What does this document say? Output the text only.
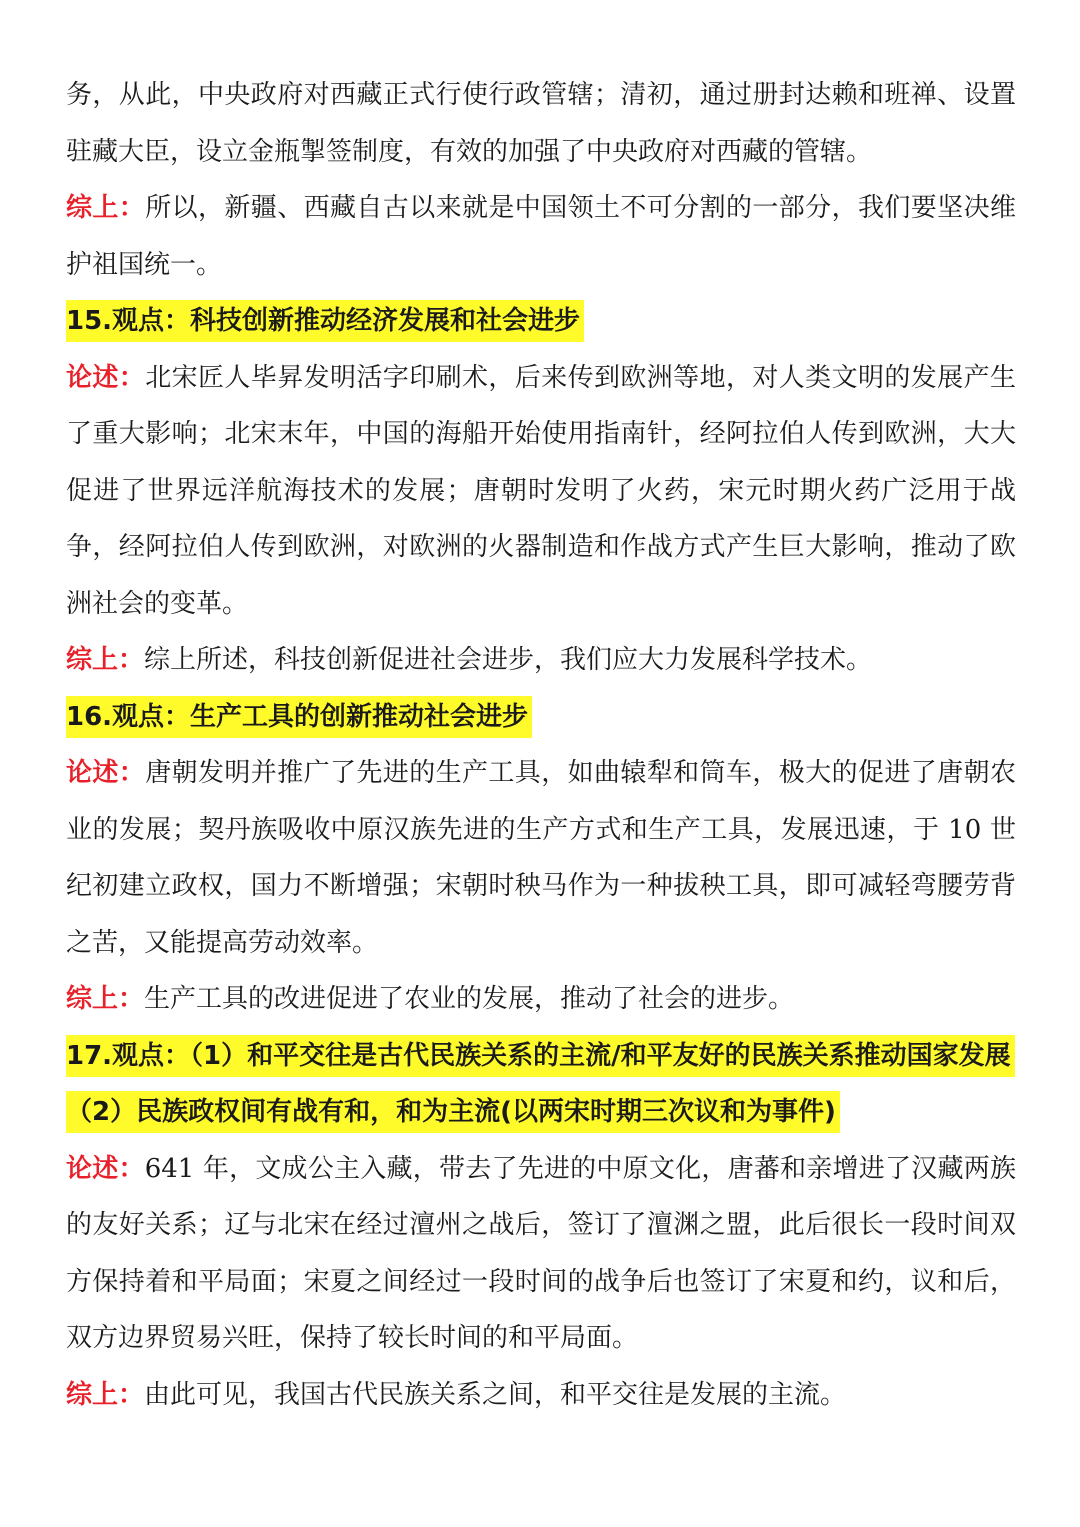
务，从此，中央政府对西藏正式行使行政管辖；清初，通过册封达赖和班禅、设置驻藏大臣，设立金瓶掣签制度，有效的加强了中央政府对西藏的管辖。

综上：所以，新疆、西藏自古以来就是中国领土不可分割的一部分，我们要坚决维护祖国统一。

15.观点：科技创新推动经济发展和社会进步

论述：北宋匠人毕昇发明活字印刷术，后来传到欧洲等地，对人类文明的发展产生了重大影响；北宋末年，中国的海船开始使用指南针，经阿拉伯人传到欧洲，大大促进了世界远洋航海技术的发展；唐朝时发明了火药，宋元时期火药广泛用于战争，经阿拉伯人传到欧洲，对欧洲的火器制造和作战方式产生巨大影响，推动了欧洲社会的变革。

综上：综上所述，科技创新促进社会进步，我们应大力发展科学技术。

16.观点：生产工具的创新推动社会进步

论述：唐朝发明并推广了先进的生产工具，如曲辕犁和筒车，极大的促进了唐朝农业的发展；契丹族吸收中原汉族先进的生产方式和生产工具，发展迅速，于 10 世纪初建立政权，国力不断增强；宋朝时秧马作为一种拔秧工具，即可减轻弯腰劳背之苦，又能提高劳动效率。

综上：生产工具的改进促进了农业的发展，推动了社会的进步。

17.观点：（1）和平交往是古代民族关系的主流/和平友好的民族关系推动国家发展

（2）民族政权间有战有和，和为主流(以两宋时期三次议和为事件)

论述：641 年，文成公主入藏，带去了先进的中原文化，唐蕃和亲增进了汉藏两族的友好关系；辽与北宋在经过澶州之战后，签订了澶渊之盟，此后很长一段时间双方保持着和平局面；宋夏之间经过一段时间的战争后也签订了宋夏和约，议和后，双方边界贸易兴旺，保持了较长时间的和平局面。

综上：由此可见，我国古代民族关系之间，和平交往是发展的主流。
